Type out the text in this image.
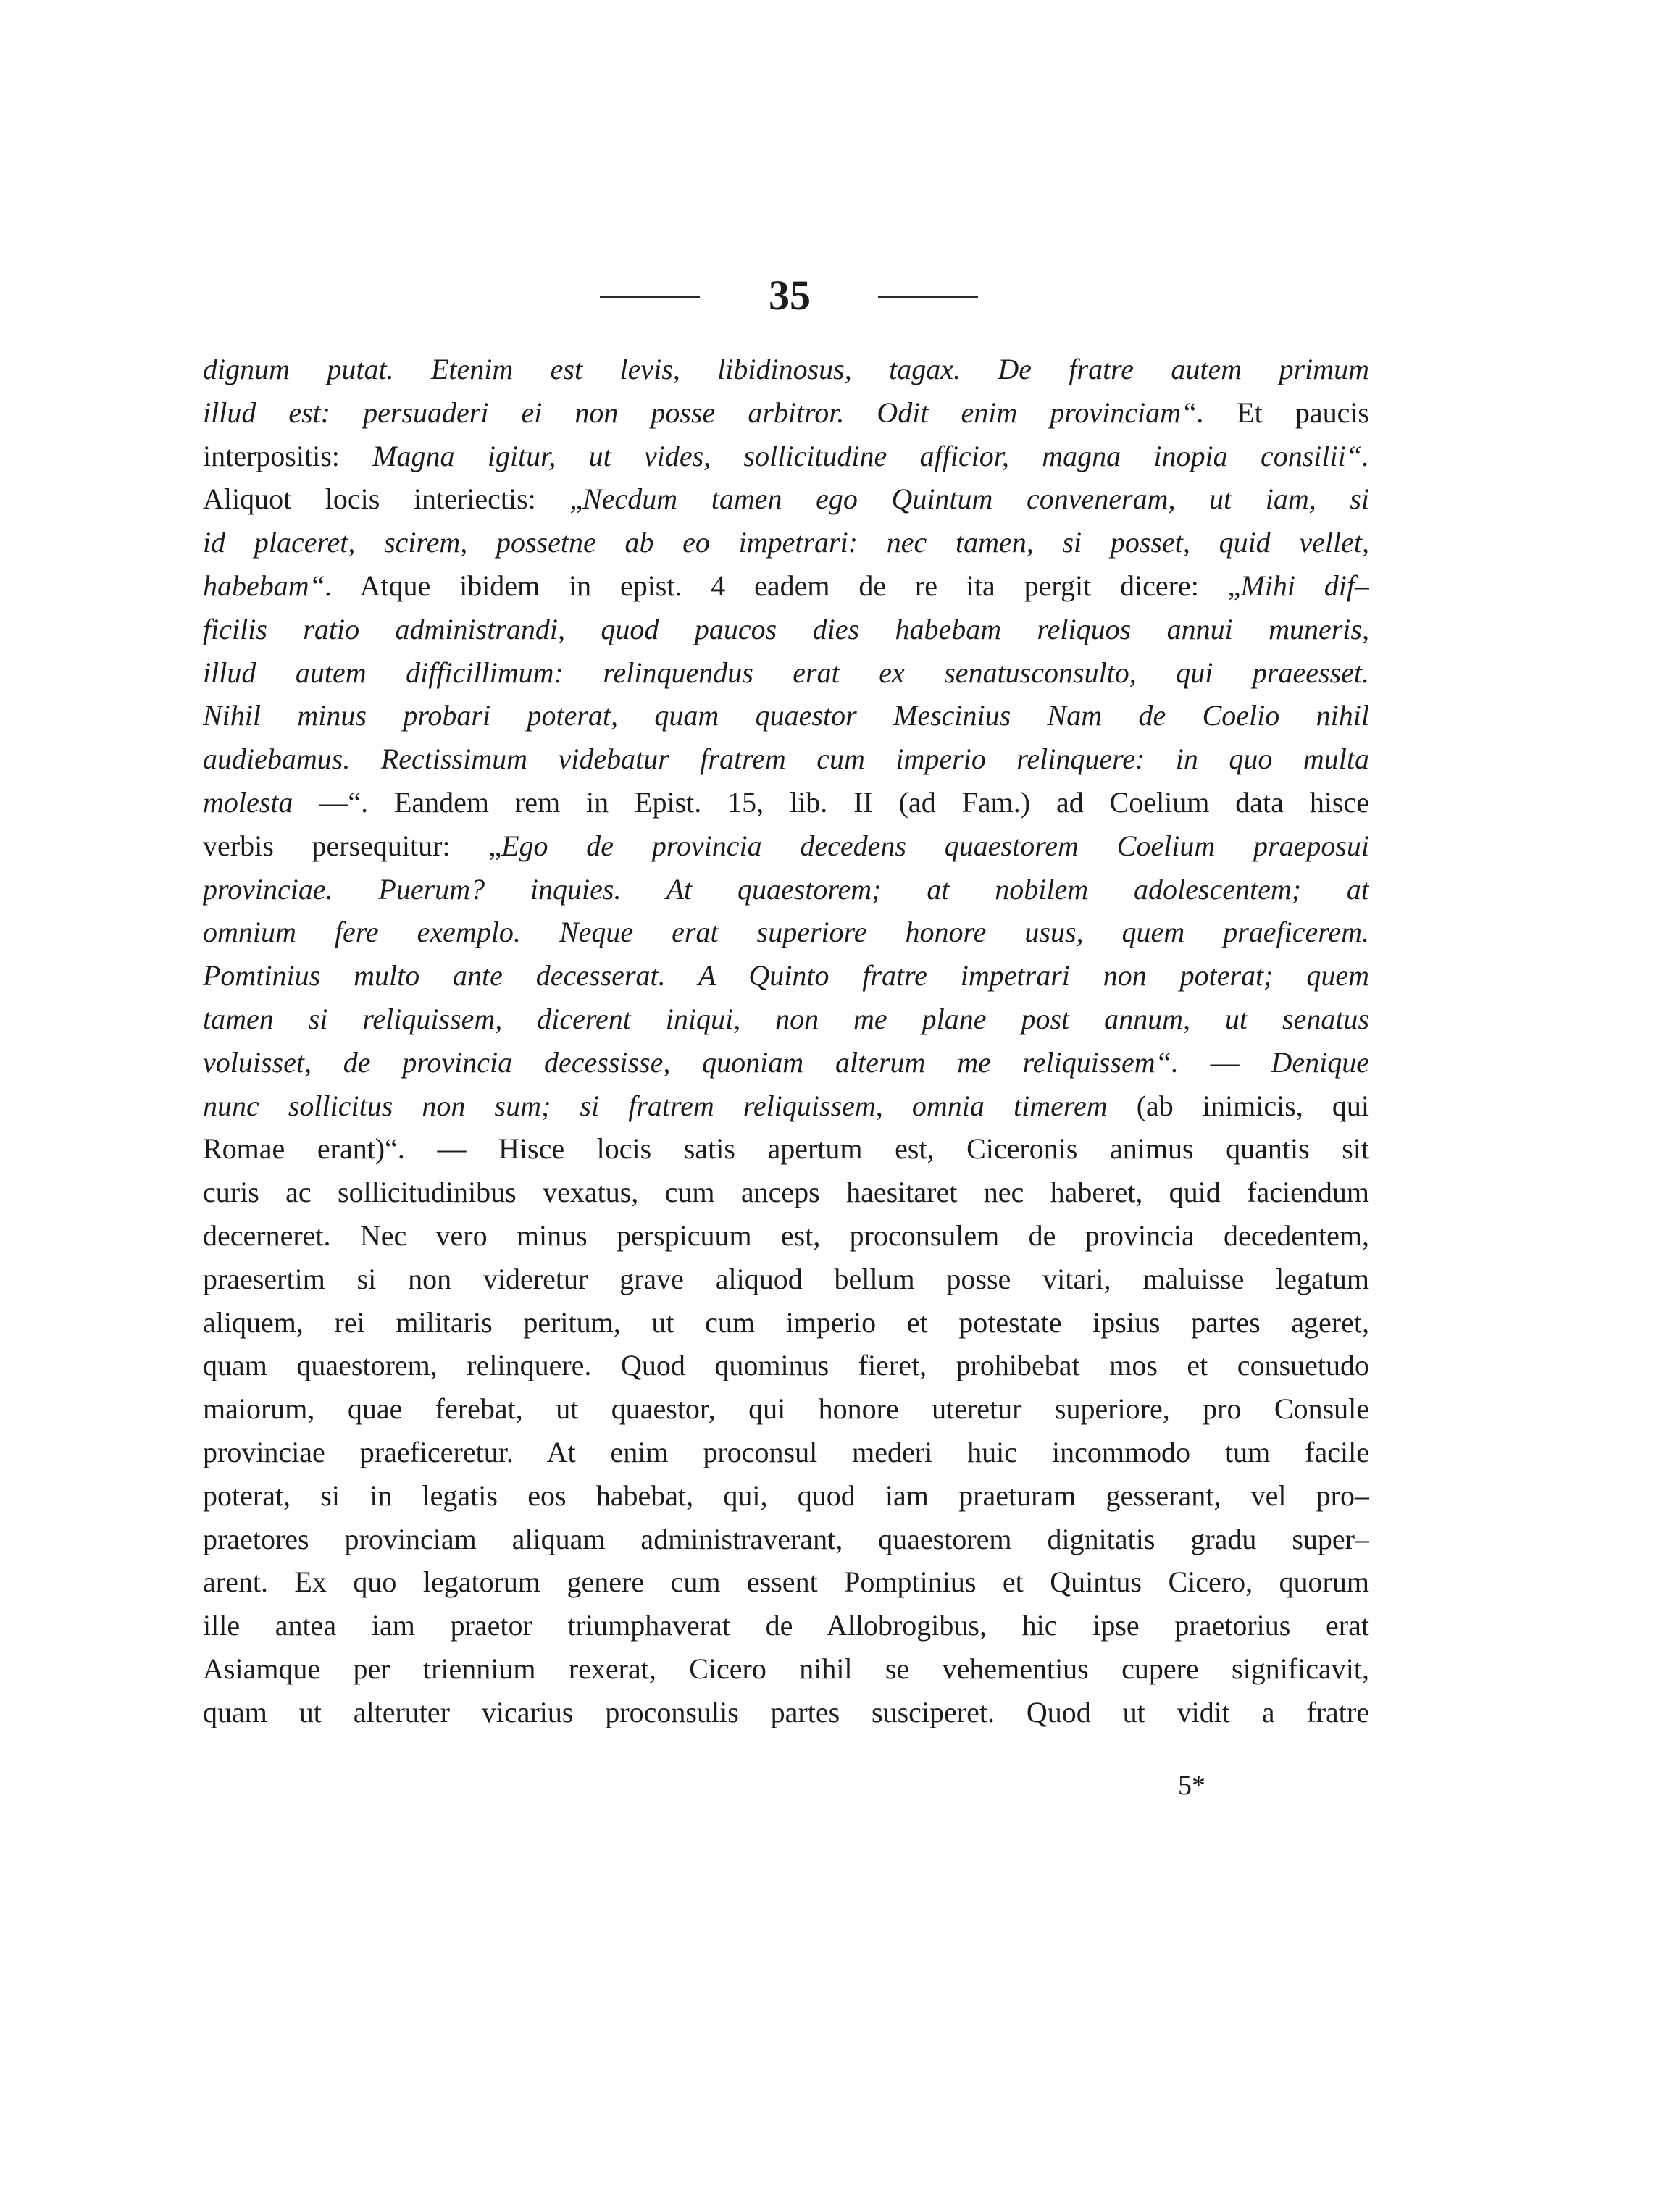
35
dignum putat. Etenim est levis, libidinosus, tagax. De fratre autem primum
illud est: persuaderi ei non posse arbitror. Odit enim provinciam“. Et paucis
interpositis: Magna igitur, ut vides, sollicitudine afficior, magna inopia consilii“.
Aliquot locis interiectis: „Necdum tamen ego Quintum conveneram, ut iam, si
id placeret, scirem, possetne ab eo impetrari: nec tamen, si posset, quid vellet,
habebam“. Atque ibidem in epist. 4 eadem de re ita pergit dicere: „Mihi dif–
ficilis ratio administrandi, quod paucos dies habebam reliquos annui muneris,
illud autem difficillimum: relinquendus erat ex senatusconsulto, qui praeesset.
Nihil minus probari poterat, quam quaestor Mescinius Nam de Coelio nihil
audiebamus. Rectissimum videbatur fratrem cum imperio relinquere: in quo multa
molesta —“. Eandem rem in Epist. 15, lib. II (ad Fam.) ad Coelium data hisce
verbis persequitur: „Ego de provincia decedens quaestorem Coelium praeposui
provinciae. Puerum? inquies. At quaestorem; at nobilem adolescentem; at
omnium fere exemplo. Neque erat superiore honore usus, quem praeficerem.
Pomtinius multo ante decesserat. A Quinto fratre impetrari non poterat; quem
tamen si reliquissem, dicerent iniqui, non me plane post annum, ut senatus
voluisset, de provincia decessisse, quoniam alterum me reliquissem“. — Denique
nunc sollicitus non sum; si fratrem reliquissem, omnia timerem (ab inimicis, qui
Romae erant)“. — Hisce locis satis apertum est, Ciceronis animus quantis sit
curis ac sollicitudinibus vexatus, cum anceps haesitaret nec haberet, quid faciendum
decerneret. Nec vero minus perspicuum est, proconsulem de provincia decedentem,
praesertim si non videretur grave aliquod bellum posse vitari, maluisse legatum
aliquem, rei militaris peritum, ut cum imperio et potestate ipsius partes ageret,
quam quaestorem, relinquere. Quod quominus fieret, prohibebat mos et consuetudo
maiorum, quae ferebat, ut quaestor, qui honore uteretur superiore, pro Consule
provinciae praeficeretur. At enim proconsul mederi huic incommodo tum facile
poterat, si in legatis eos habebat, qui, quod iam praeturam gesserant, vel pro–
praetores provinciam aliquam administraverant, quaestorem dignitatis gradu super–
arent. Ex quo legatorum genere cum essent Pomptinius et Quintus Cicero, quorum
ille antea iam praetor triumphaverat de Allobrogibus, hic ipse praetorius erat
Asiamque per triennium rexerat, Cicero nihil se vehementius cupere significavit,
quam ut alteruter vicarius proconsulis partes susciperet. Quod ut vidit a fratre
5*
